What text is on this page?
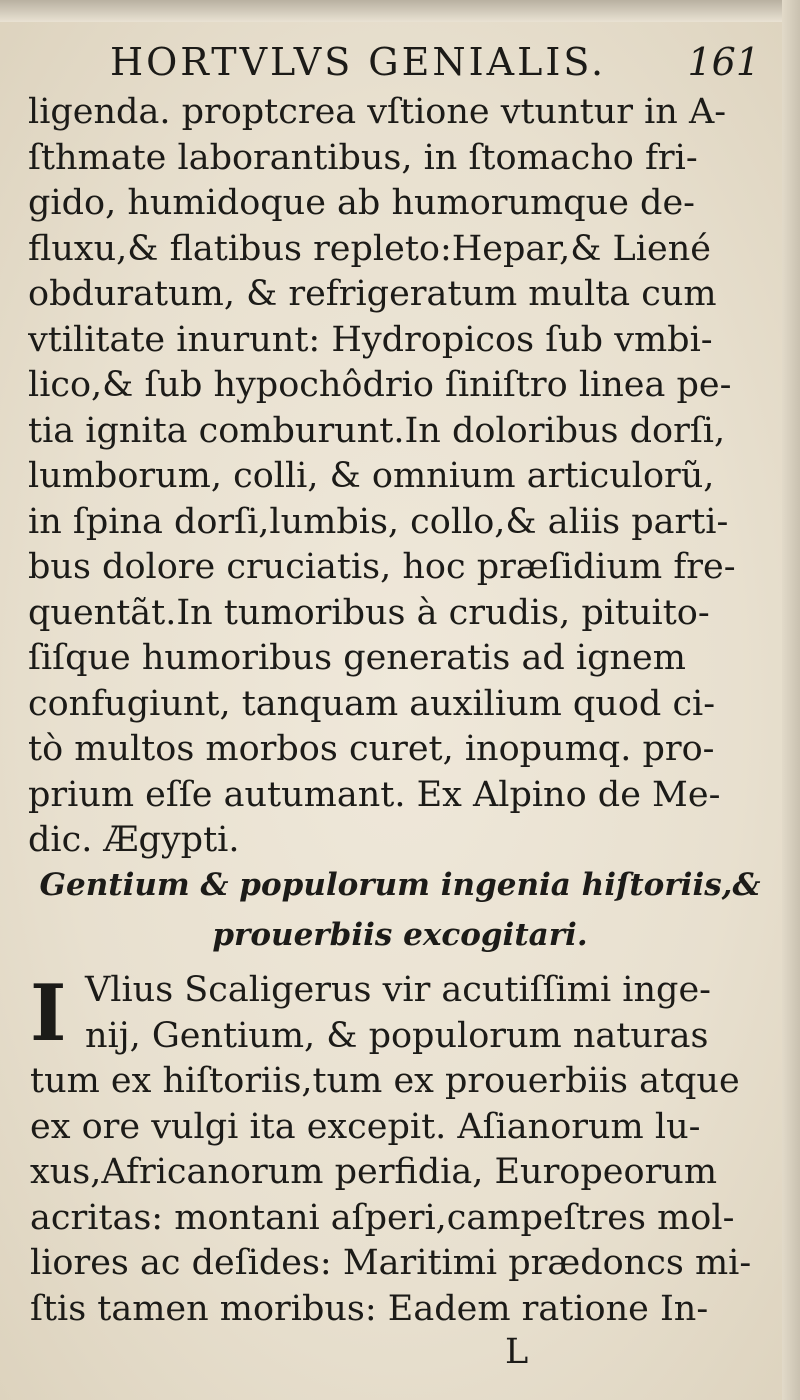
HORTVLVS GENIALIS. 161
ligenda. proptcrea vſtione vtuntur in A-
ſthmate laborantibus, in ſtomacho fri-
gido, humidoque ab humorumque de-
fluxu,& flatibus repleto:Hepar,& Liené
obduratum, & refrigeratum multa cum
vtilitate inurunt: Hydropicos ſub vmbi-
lico,& ſub hypochôdrio ſiniſtro linea pe-
tia ignita comburunt.In doloribus dorſi,
lumborum, colli, & omnium articulorũ,
in ſpina dorſi,lumbis, collo,& aliis parti-
bus dolore cruciatis, hoc præſidium fre-
quentãt.In tumoribus à crudis, pituito-
ſiſque humoribus generatis ad ignem
confugiunt, tanquam auxilium quod ci-
tò multos morbos curet, inopumq. pro-
prium eſſe autumant. Ex Alpino de Me-
dic. Ægypti.
Gentium & populorum ingenia hiſtoriis,&
prouerbiis excogitari.
I Vlius Scaligerus vir acutiſſimi inge-
nij, Gentium, & populorum naturas
tum ex hiſtoriis,tum ex prouerbiis atque
ex ore vulgi ita excepit. Aſianorum lu-
xus,Africanorum perfidia, Europeorum
acritas: montani aſperi,campeſtres mol-
liores ac deſides: Maritimi prædoncs mi-
ſtis tamen moribus: Eadem ratione In-
L
